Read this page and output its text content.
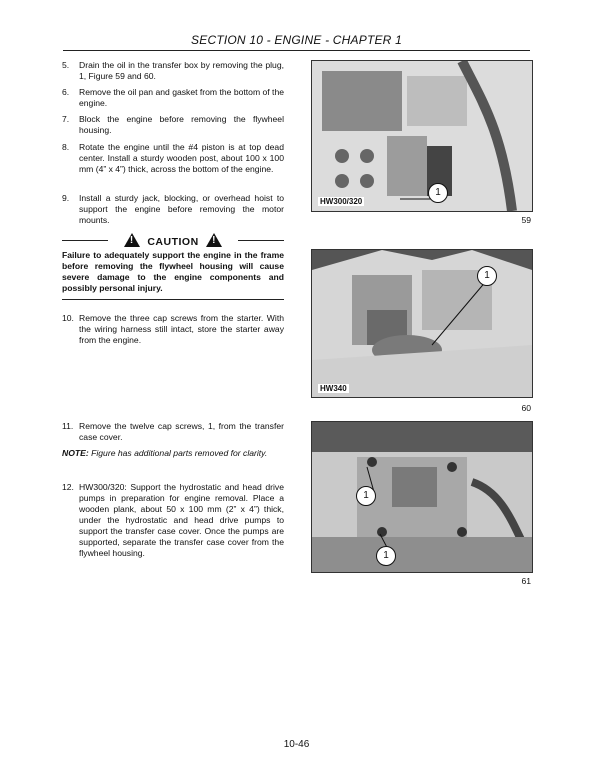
SECTION 10 - ENGINE - CHAPTER 1
5.	Drain the oil in the transfer box by removing the plug, 1, Figure 59 and 60.
6.	Remove the oil pan and gasket from the bottom of the engine.
7.	Block the engine before removing the flywheel housing.
8.	Rotate the engine until the #4 piston is at top dead center. Install a sturdy wooden post, about 100 x 100 mm (4” x 4”) thick, across the bottom of the engine.
9.	Install a sturdy jack, blocking, or overhead hoist to support the engine before removing the motor mounts.
! CAUTION !
Failure to adequately support the engine in the frame before removing the flywheel housing will cause severe damage to the engine components and possibly personal injury.
10. Remove the three cap screws from the starter. With the wiring harness still intact, store the starter away from the engine.
11. Remove the twelve cap screws, 1, from the transfer case cover.
NOTE: Figure has additional parts removed for clarity.
12. HW300/320: Support the hydrostatic and head drive pumps in preparation for engine removal. Place a wooden plank, about 50 x 100 mm (2” x 4”) thick, under the hydrostatic and head drive pumps to support the transfer case cover. Once the pumps are supported, separate the transfer case cover from the flywheel housing.
HW300/320
1
59
HW340
1
60
1
1
61
10-46
